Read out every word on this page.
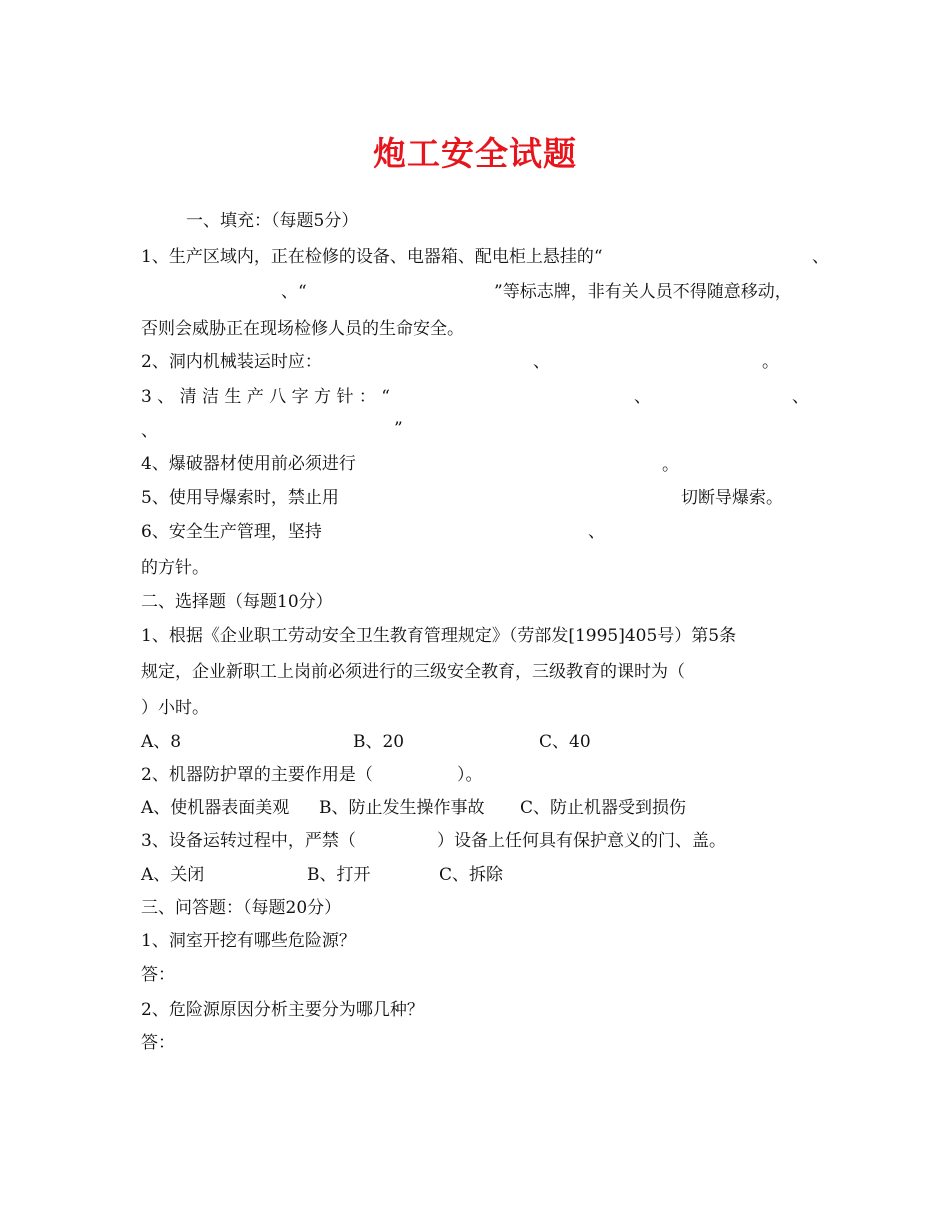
炮工安全试题
一、填充：（每题5分）
1、生产区域内，正在检修的设备、电器箱、配电柜上悬挂的“	、
、“	”等标志牌，非有关人员不得随意移动，
否则会威胁正在现场检修人员的生命安全。
2、洞内机械装运时应：	、	。
3 、 清 洁 生 产 八 字 方 针 ： “	、	、
、	”
4、爆破器材使用前必须进行	。
5、使用导爆索时，禁止用	切断导爆索。
6、安全生产管理，坚持	、
的方针。
二、选择题（每题10分）
1、根据《企业职工劳动安全卫生教育管理规定》（劳部发[1995]405号）第5条
规定，企业新职工上岗前必须进行的三级安全教育，三级教育的课时为（
）小时。
A、8	B、20	C、40
2、机器防护罩的主要作用是（	）。
A、使机器表面美观 B、防止发生操作事故 C、防止机器受到损伤
3、设备运转过程中，严禁（	）设备上任何具有保护意义的门、盖。
A、关闭	B、打开	C、拆除
三、问答题：（每题20分）
1、洞室开挖有哪些危险源？
答：
2、危险源原因分析主要分为哪几种？
答：
